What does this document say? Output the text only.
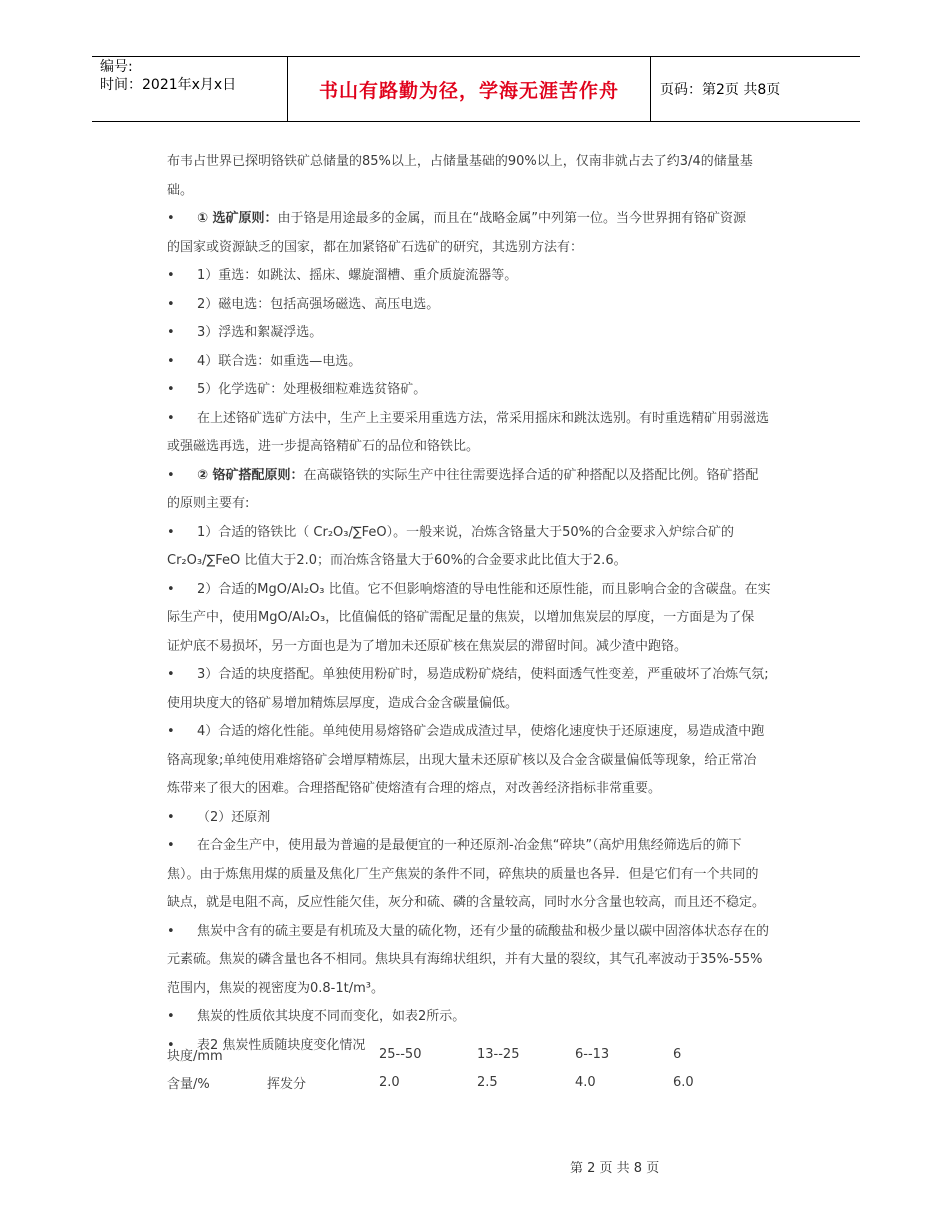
编号:
时间：2021年x月x日	书山有路勤为径，学海无涯苦作舟	页码：第2页 共8页
布韦占世界已探明铬铁矿总储量的85%以上，占储量基础的90%以上，仅南非就占去了约3/4的储量基
础。
• ① 选矿原则：由于铬是用途最多的金属，而且在“战略金属”中列第一位。当今世界拥有铬矿资源

的国家或资源缺乏的国家，都在加紧铬矿石选矿的研究，其选别方法有：
• 1）重选：如跳汰、摇床、螺旋溜槽、重介质旋流器等。
• 2）磁电选：包括高强场磁选、高压电选。
• 3）浮选和絮凝浮选。
• 4）联合选：如重选—电选。
• 5）化学选矿：处理极细粒难选贫铬矿。
• 在上述铬矿选矿方法中，生产上主要采用重选方法，常采用摇床和跳汰选别。有时重选精矿用弱滋选

或强磁选再选，进一步提高铬精矿石的品位和铬铁比。
• ② 铬矿搭配原则：在高碳铬铁的实际生产中往往需要选择合适的矿种搭配以及搭配比例。铬矿搭配

的原则主要有:
• 1）合适的铬铁比（ Cr₂O₃/∑FeO）。一般来说，冶炼含铬量大于50%的合金要求入炉综合矿的

Cr₂O₃/∑FeO 比值大于2.0；而冶炼含铬量大于60%的合金要求此比值大于2.6。
• 2）合适的MgO/Al₂O₃ 比值。它不但影响熔渣的导电性能和还原性能，而且影响合金的含碳盘。在实

际生产中，使用MgO/Al₂O₃，比值偏低的铬矿需配足量的焦炭，以增加焦炭层的厚度，一方面是为了保
证炉底不易损坏，另一方面也是为了增加未还原矿核在焦炭层的滞留时间。减少渣中跑铬。
• 3）合适的块度搭配。单独使用粉矿时，易造成粉矿烧结，使料面透气性变差，严重破坏了冶炼气氛;

使用块度大的铬矿易增加精炼层厚度，造成合金含碳量偏低。
• 4）合适的熔化性能。单纯使用易熔铬矿会造成成渣过早，使熔化速度快于还原速度，易造成渣中跑

铬高现象;单纯使用难熔铬矿会增厚精炼层，出现大量未还原矿核以及合金含碳量偏低等现象，给正常冶
炼带来了很大的困难。合理搭配铬矿使熔渣有合理的熔点，对改善经济指标非常重要。
• （2）还原剂
• 在合金生产中，使用最为普遍的是最便宜的一种还原剂-冶金焦“碎块”（高炉用焦经筛选后的筛下

焦）。由于炼焦用煤的质量及焦化厂生产焦炭的条件不同，碎焦块的质量也各异．但是它们有一个共同的
缺点，就是电阻不高，反应性能欠佳，灰分和硫、磷的含量较高，同时水分含量也较高，而且还不稳定。
• 焦炭中含有的硫主要是有机琉及大量的硫化物，还有少量的硫酸盐和极少量以碳中固溶体状态存在的

元素硫。焦炭的磷含量也各不相同。焦块具有海绵状组织，并有大量的裂纹，其气孔率波动于35%-55%
范围内，焦炭的视密度为0.8-1t/m³。
• 焦炭的性质依其块度不同而变化，如表2所示。
• 表2 焦炭性质随块度变化情况
块度/mm		25--50	13--25	6--13	6
含量/%	挥发分	2.0	2.5	4.0	6.0
第 2 页 共 8 页
